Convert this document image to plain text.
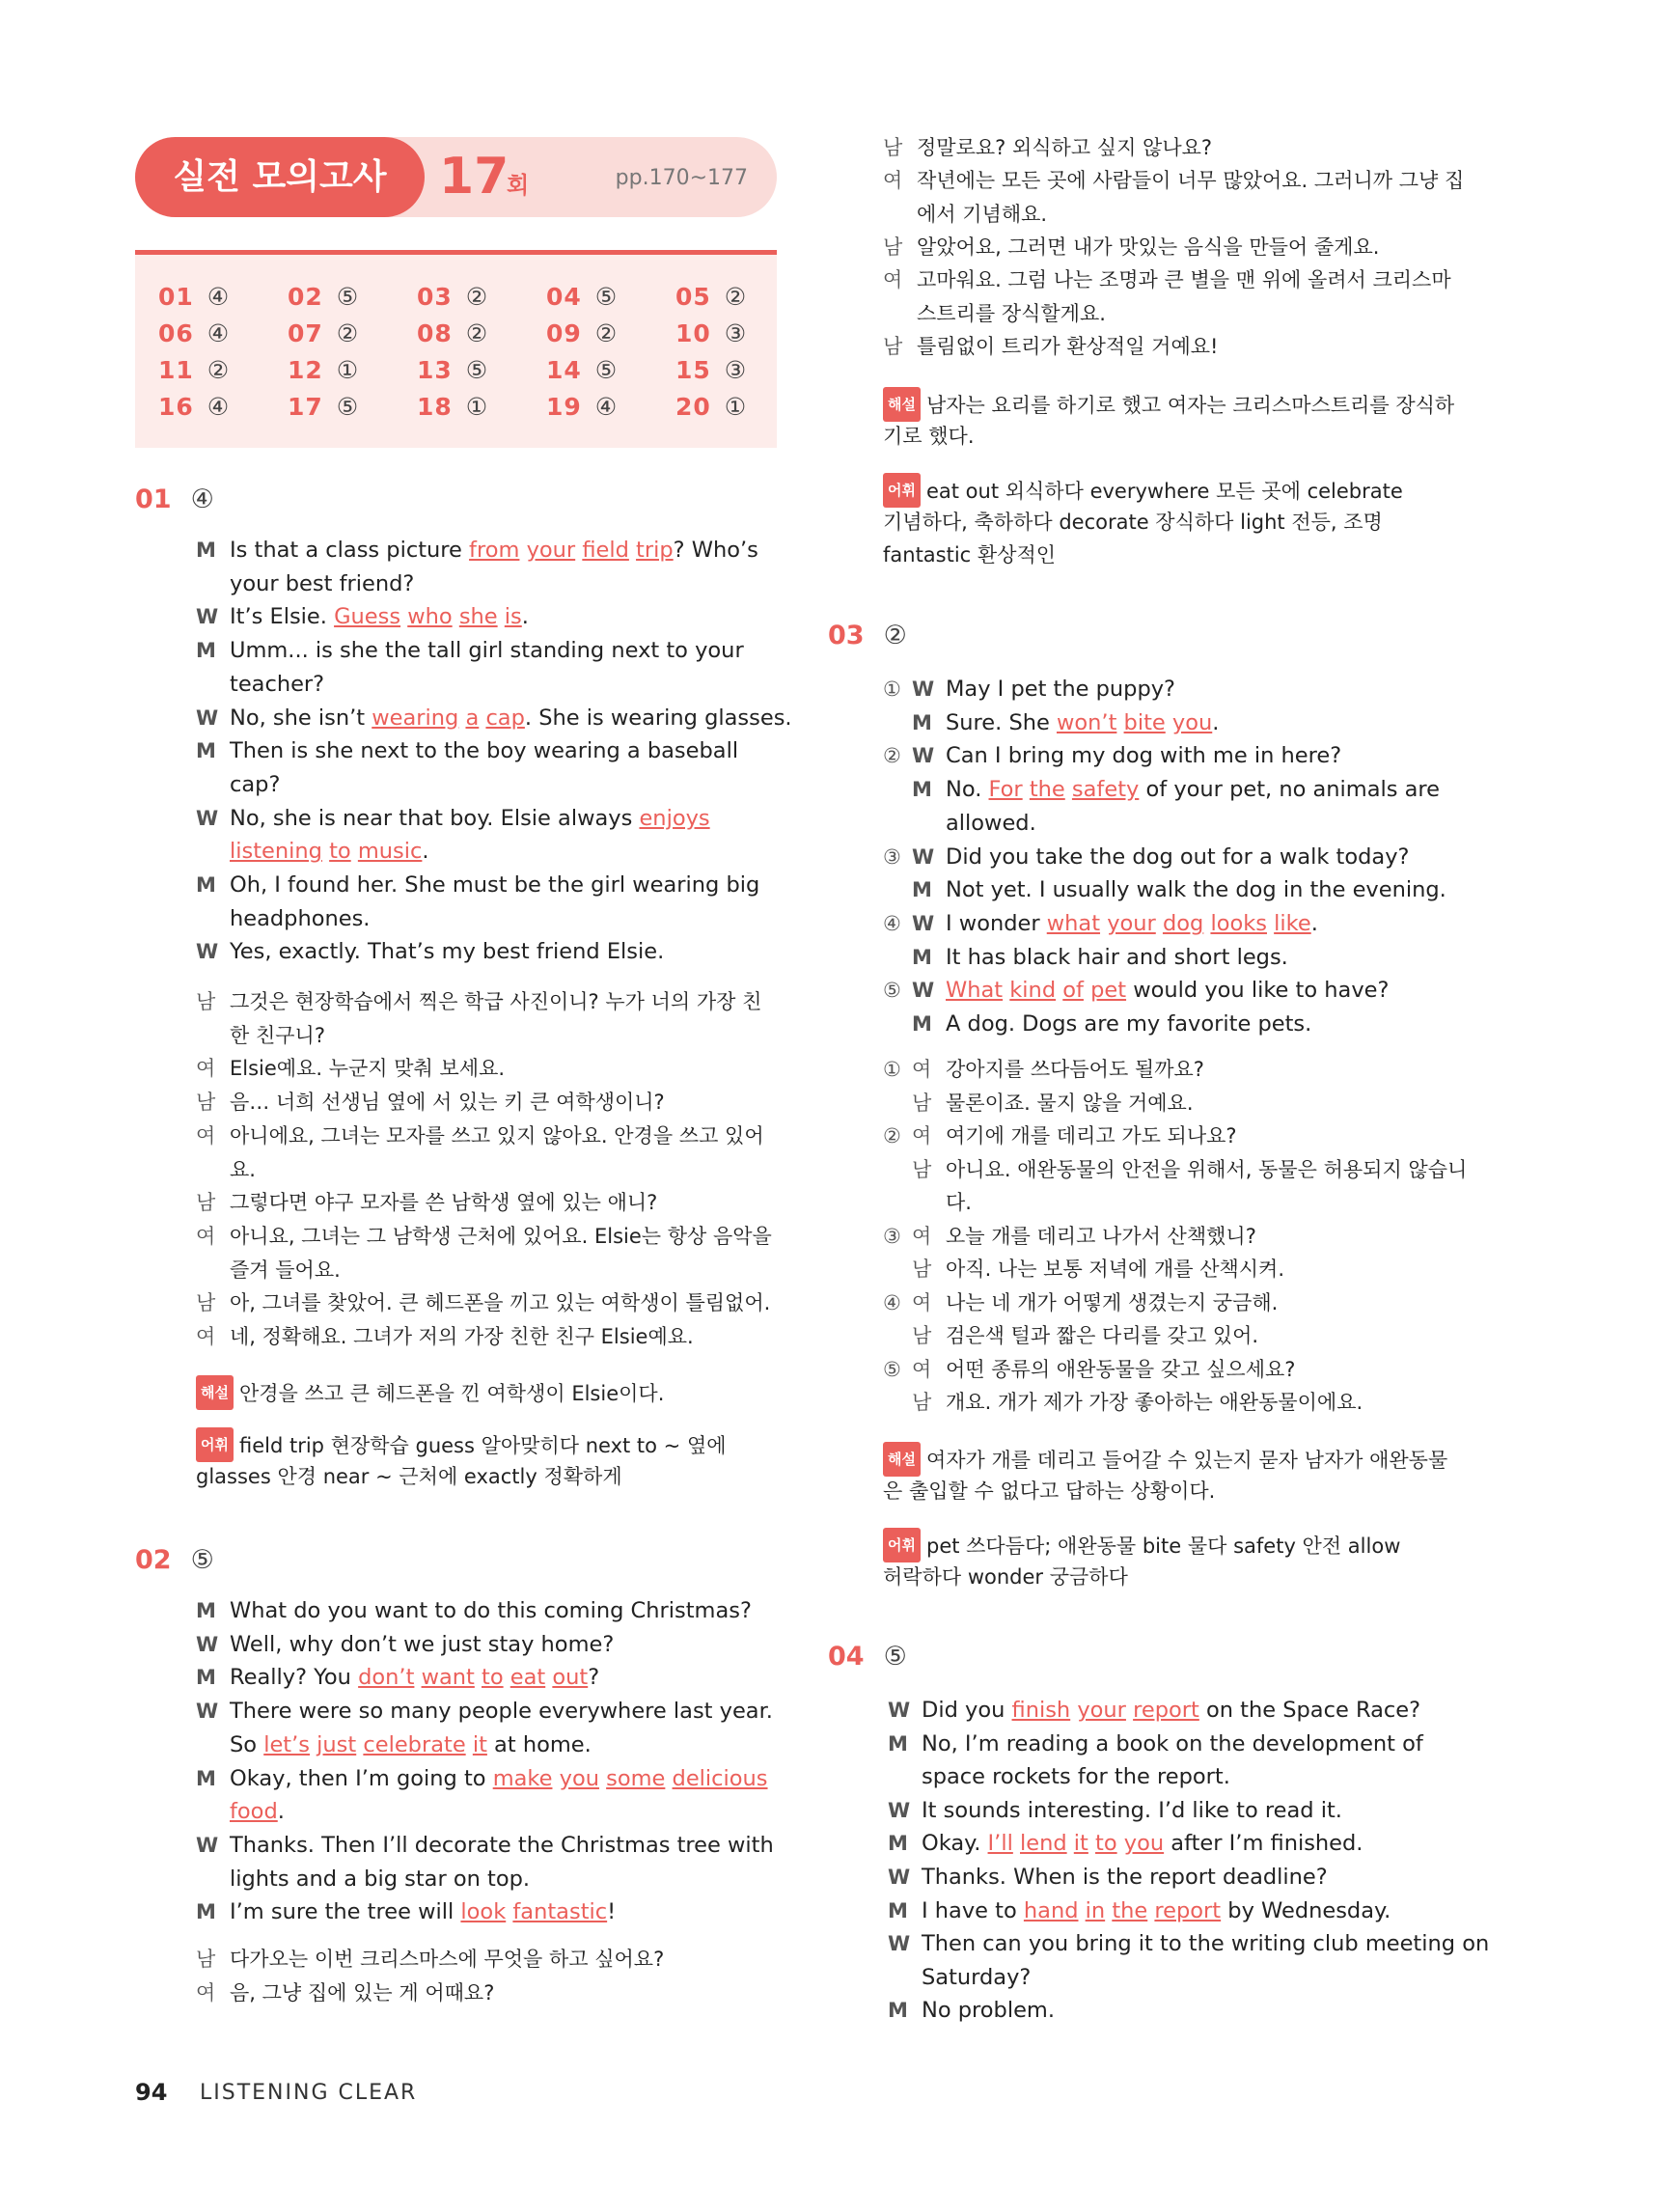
실전 모의고사	17
회	pp.170~177
01 ④ 02 ⑤ 03 ② 04 ⑤ 05 ②
06 ④ 07 ② 08 ② 09 ② 10 ③
11 ② 12 ① 13 ⑤ 14 ⑤ 15 ③
16 ④ 17 ⑤ 18 ① 19 ④ 20 ①
01 ④
M Is that a class picture from your field trip? Who’s
your best friend?
W It’s Elsie. Guess who she is.
M Umm... is she the tall girl standing next to your
teacher?
W No, she isn’t wearing a cap. She is wearing glasses.
M Then is she next to the boy wearing a baseball
cap?
W No, she is near that boy. Elsie always enjoys
listening to music.
M Oh, I found her. She must be the girl wearing big
headphones.
W Yes, exactly. That’s my best friend Elsie.
남 그것은 현장학습에서 찍은 학급 사진이니? 누가 너의 가장 친
한 친구니?
여 Elsie예요. 누군지 맞춰 보세요.
남 음… 너희 선생님 옆에 서 있는 키 큰 여학생이니?
여 아니에요, 그녀는 모자를 쓰고 있지 않아요. 안경을 쓰고 있어
요.
남 그렇다면 야구 모자를 쓴 남학생 옆에 있는 애니?
여 아니요, 그녀는 그 남학생 근처에 있어요. Elsie는 항상 음악을
즐겨 들어요.
남 아, 그녀를 찾았어. 큰 헤드폰을 끼고 있는 여학생이 틀림없어.
여 네, 정확해요. 그녀가 저의 가장 친한 친구 Elsie예요.
해설 안경을 쓰고 큰 헤드폰을 낀 여학생이 Elsie이다.
어휘 field trip 현장학습 guess 알아맞히다 next to ~ 옆에
glasses 안경 near ~ 근처에 exactly 정확하게
02 ⑤
M What do you want to do this coming Christmas?
W Well, why don’t we just stay home?
M Really? You don’t want to eat out?
W There were so many people everywhere last year.
So let’s just celebrate it at home.
M Okay, then I’m going to make you some delicious
food.
W Thanks. Then I’ll decorate the Christmas tree with
lights and a big star on top.
M I’m sure the tree will look fantastic!
남 다가오는 이번 크리스마스에 무엇을 하고 싶어요?
여 음, 그냥 집에 있는 게 어때요?
남 정말로요? 외식하고 싶지 않나요?
여 작년에는 모든 곳에 사람들이 너무 많았어요. 그러니까 그냥 집
에서 기념해요.
남 알았어요, 그러면 내가 맛있는 음식을 만들어 줄게요.
여 고마워요. 그럼 나는 조명과 큰 별을 맨 위에 올려서 크리스마
스트리를 장식할게요.
남 틀림없이 트리가 환상적일 거예요!
해설 남자는 요리를 하기로 했고 여자는 크리스마스트리를 장식하
기로 했다.
어휘 eat out 외식하다 everywhere 모든 곳에 celebrate
기념하다, 축하하다 decorate 장식하다 light 전등, 조명
fantastic 환상적인
03 ②
① W May I pet the puppy?
M Sure. She won’t bite you.
② W Can I bring my dog with me in here?
M No. For the safety of your pet, no animals are
allowed.
③ W Did you take the dog out for a walk today?
M Not yet. I usually walk the dog in the evening.
④ W I wonder what your dog looks like.
M It has black hair and short legs.
⑤ W What kind of pet would you like to have?
M A dog. Dogs are my favorite pets.
① 여 강아지를 쓰다듬어도 될까요?
남 물론이죠. 물지 않을 거예요.
② 여 여기에 개를 데리고 가도 되나요?
남 아니요. 애완동물의 안전을 위해서, 동물은 허용되지 않습니
다.
③ 여 오늘 개를 데리고 나가서 산책했니?
남 아직. 나는 보통 저녁에 개를 산책시켜.
④ 여 나는 네 개가 어떻게 생겼는지 궁금해.
남 검은색 털과 짧은 다리를 갖고 있어.
⑤ 여 어떤 종류의 애완동물을 갖고 싶으세요?
남 개요. 개가 제가 가장 좋아하는 애완동물이에요.
해설 여자가 개를 데리고 들어갈 수 있는지 묻자 남자가 애완동물
은 출입할 수 없다고 답하는 상황이다.
어휘 pet 쓰다듬다; 애완동물 bite 물다 safety 안전 allow
허락하다 wonder 궁금하다
04 ⑤
W Did you finish your report on the Space Race?
M No, I’m reading a book on the development of
space rockets for the report.
W It sounds interesting. I’d like to read it.
M Okay. I’ll lend it to you after I’m finished.
W Thanks. When is the report deadline?
M I have to hand in the report by Wednesday.
W Then can you bring it to the writing club meeting on
Saturday?
M No problem.
94 LISTENING CLEAR
